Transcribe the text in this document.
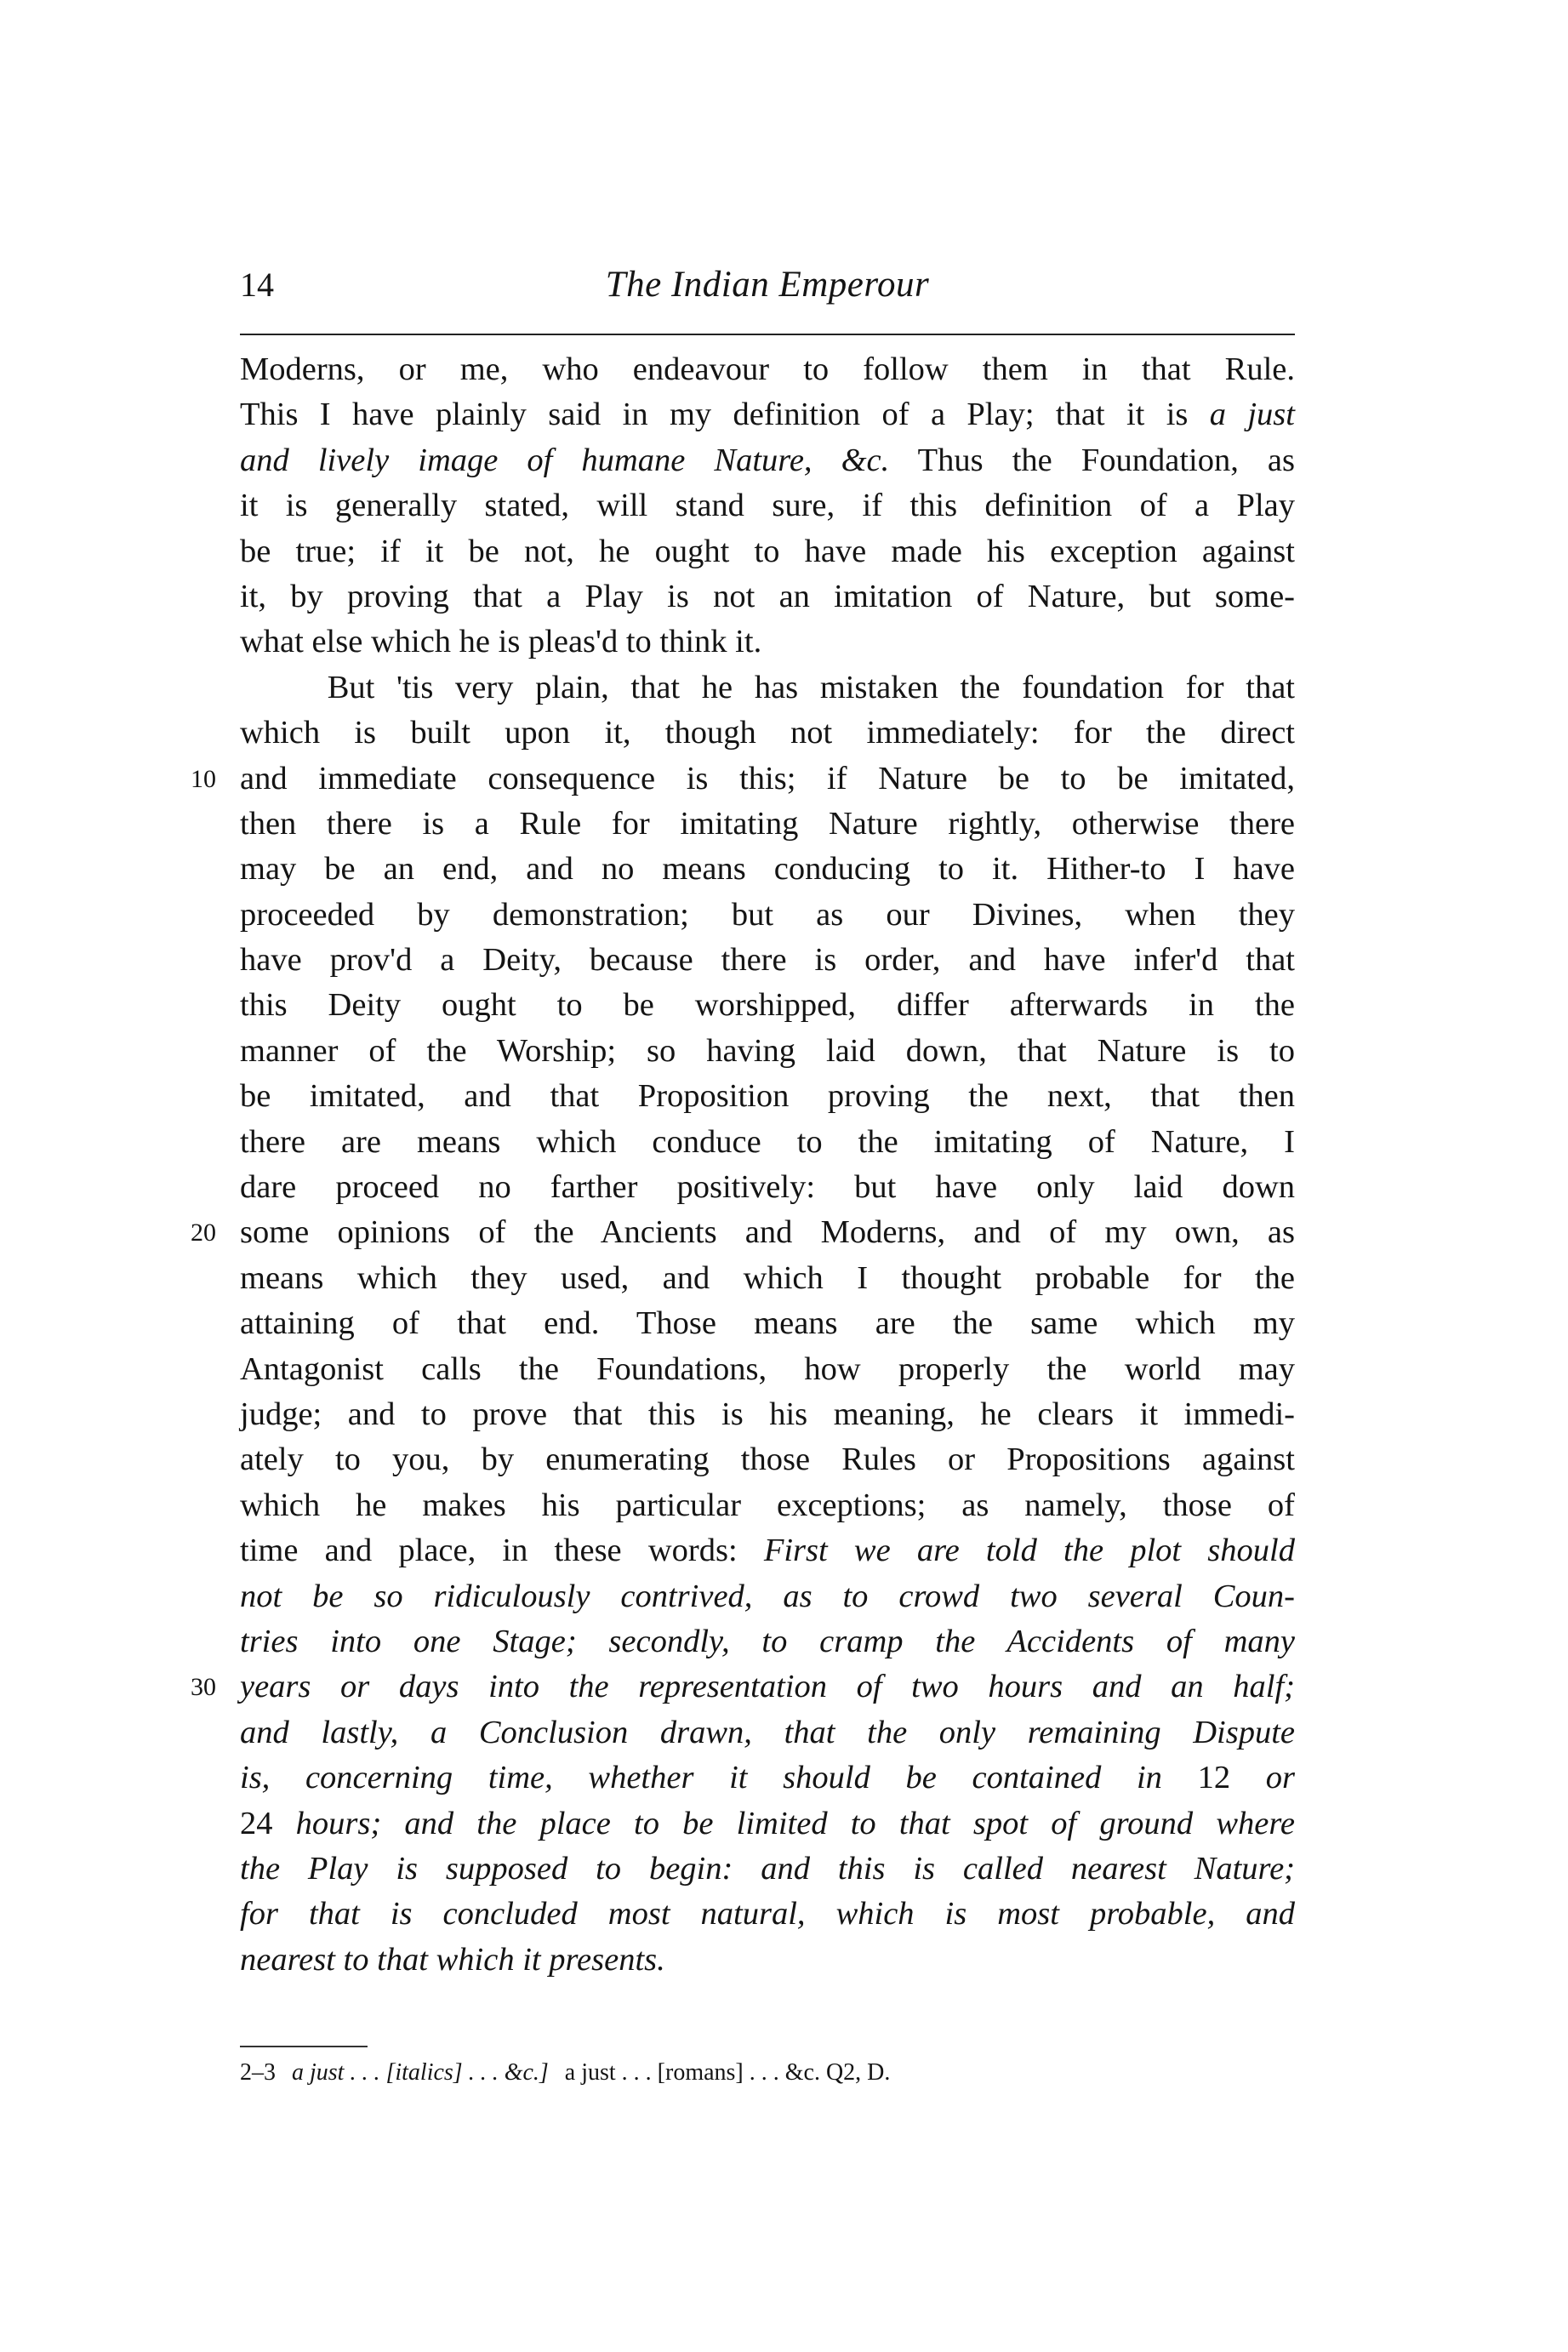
14	The Indian Emperour
Moderns, or me, who endeavour to follow them in that Rule.
This I have plainly said in my definition of a Play; that it is a just
and lively image of humane Nature, &c. Thus the Foundation, as
it is generally stated, will stand sure, if this definition of a Play
be true; if it be not, he ought to have made his exception against
it, by proving that a Play is not an imitation of Nature, but some-
what else which he is pleas'd to think it.
But 'tis very plain, that he has mistaken the foundation for that
which is built upon it, though not immediately: for the direct
10 and immediate consequence is this; if Nature be to be imitated,
then there is a Rule for imitating Nature rightly, otherwise there
may be an end, and no means conducing to it. Hither-to I have
proceeded by demonstration; but as our Divines, when they
have prov'd a Deity, because there is order, and have infer'd that
this Deity ought to be worshipped, differ afterwards in the
manner of the Worship; so having laid down, that Nature is to
be imitated, and that Proposition proving the next, that then
there are means which conduce to the imitating of Nature, I
dare proceed no farther positively: but have only laid down
20 some opinions of the Ancients and Moderns, and of my own, as
means which they used, and which I thought probable for the
attaining of that end. Those means are the same which my
Antagonist calls the Foundations, how properly the world may
judge; and to prove that this is his meaning, he clears it immedi-
ately to you, by enumerating those Rules or Propositions against
which he makes his particular exceptions; as namely, those of
time and place, in these words: First we are told the plot should
not be so ridiculously contrived, as to crowd two several Coun-
tries into one Stage; secondly, to cramp the Accidents of many
30 years or days into the representation of two hours and an half;
and lastly, a Conclusion drawn, that the only remaining Dispute
is, concerning time, whether it should be contained in 12 or
24 hours; and the place to be limited to that spot of ground where
the Play is supposed to begin: and this is called nearest Nature;
for that is concluded most natural, which is most probable, and
nearest to that which it presents.
2–3 a just . . . [italics] . . . &c.] a just . . . [romans] . . . &c. Q2, D.
